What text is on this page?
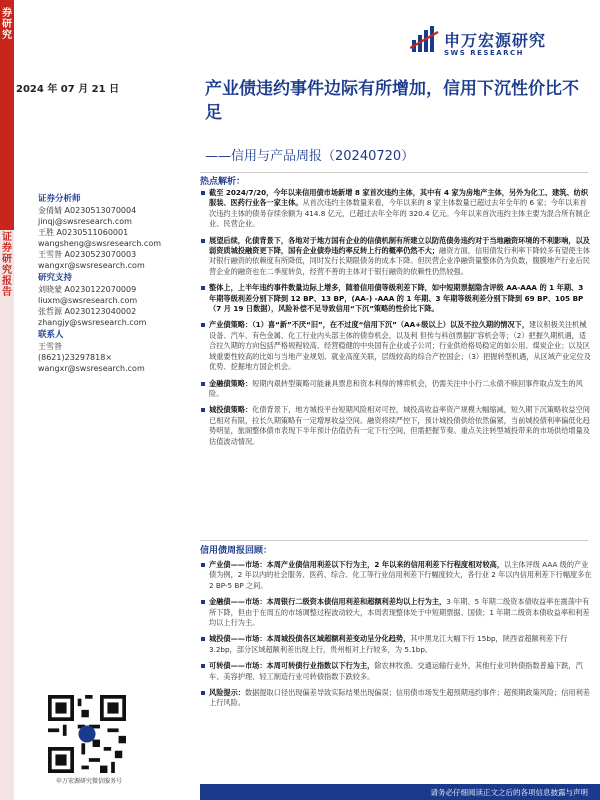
券研究
债券研究
证券研究报告
申万宏源研究
SWS RESEARCH
2024 年 07 月 21 日	产业债违约事件边际有所增加，信用下沉性价比不足
——信用与产品周报（20240720）
证券分析师
金倩婧 A0230513070004
jinqj@swsresearch.com
王胜 A0230511060001
wangsheng@swsresearch.com
王雪昝 A0230523070003
wangxr@swsresearch.com
研究支持
刘晓蒙 A0230122070009
liuxm@swsresearch.com
张哲源 A0230123040002
zhangjy@swsresearch.com
联系人
王雪昝
(8621)23297818×
wangxr@swsresearch.com
热点解析：
截至 2024/7/20，今年以来信用债市场新增 8 家首次违约主体，其中有 4 家为房地产主体，另外为化工、建筑、纺织服装、医药行业各一家主体。从首次违约主体数量来看，今年以来的 8 家主体数量已超过去年全年的 6 家；今年以来首次违约主体的债务存续余额为 414.8 亿元，已超过去年全年的 320.4 亿元。今年以来首次违约主体主要为混合所有制企业、民营企业。
展望后续，化债背景下，各地对于地方国有企业的信债机制有所建立以防范债务违约对于当地融资环境的不利影响，以及弱资质城投融资更下降，国有企业债券违约率反转上行的概率仍然不大；融资方面，信用债发行利率下降较多有望使主体对银行融资的依赖度有所降低，同时发行长期限债务的成本下降。但民营企业净融资量整体仍为负数，腹膜地产行业后民营企业的融资也在二季度转负，经营不善的主体对于银行融资的依赖性仍然较强。
整体上，上半年违约事件数量边际上增多，随着信用债等级利差下降，如中短期票据隐含评级 AA-AAA 的 1 年期、3 年期等级利差分别下降到 12 BP、13 BP，(AA-) -AAA 的 1 年期、3 年期等级利差分别下降到 69 BP、105 BP（7 月 19 日数据），风险补偿不足导致信用“下沉”策略的性价比下降。
产业债策略：（1）喜“新”不厌“旧”，在不过度“信用下沉”（AA+级以上）以及不拉久期的情况下，建议积极关注机械设备、汽车、有色金属、化工行业内头部主体的债券机会，以及利 但传与科创票据扩容机会等；（2）把握久期机遇，适合拉久期的方向包括严格规程较高、经营稳健的中央国有企业或子公司；行业供给格局稳定的如公用、煤炭企业；以及区域重要性较高的比如与当地产业规划、就业高度关联，层级较高的综合产控国企；（3）把握转型机遇，从区域产业定位及优势、挖掘地方国企机会。
金融债策略：短期内艰转型策略可能兼具票息和资本利得的博弈机会，仍需关注中小行二永债不赎回事件取点发生的风险。
城投债策略：化债背景下，地方城投平台短期风险相对可控，城投高收益率资产规模大幅缩减，短久期下沉策略收益空间已相对有限，拉长久期策略有一定增厚收益空间。融资将续严控下，预计城投债供给依然偏紧，当前城投债利率偏低化趋势明显，旅阁整体债市表现下半年预计估值仍有一定下行空间，但需把握节奏。重点关注转型城投带来的市场供给增量及估值波动情况。
信用债周报回顾：
产业债——市场：本周产业债信用利差以下行为主，2 年以来的信用利差下行程度相对较高，以主体评级 AAA 级的产业债为例，2 年以内的社会服务、医药、综合、化工等行业信用利差下行幅度较大，各行业 2 年以内信用利差下行幅度多在 2 BP-5 BP 之间。
金融债——市场：本周银行二级资本债信用利差和超额利差均以上行为主，3 年期、5 年期二级资本债收益率在震荡中有所下降，但由于在周五的市场调整过程波动较大，本周表现整体处于中短期票据、国债；1 年期二级资本债收益率和利差均以上行为主。
城投债——市场：本周城投债各区域超额利差变动呈分化趋势，其中黑龙江大幅下行 15bp，陕西省超额利差下行 3.2bp，部分区域超额利差出现上行，贵州相对上行较多，为 5.1bp。
可转债——市场：本周可转债行业指数以下行为主，除农林牧渔、交通运输行业外，其他行业可转债指数普遍下跌，汽车、美容护理、轻工制造行业可转债指数下跌较多。
风险提示：数据提取口径出现偏差导致实际结果出现偏误；信用债市场发生超预期违约事件；超预期政策风险；信用利差上行风险。
申万宏源研究微信服务号
请务必仔细阅读正文之后的各项信息披露与声明
